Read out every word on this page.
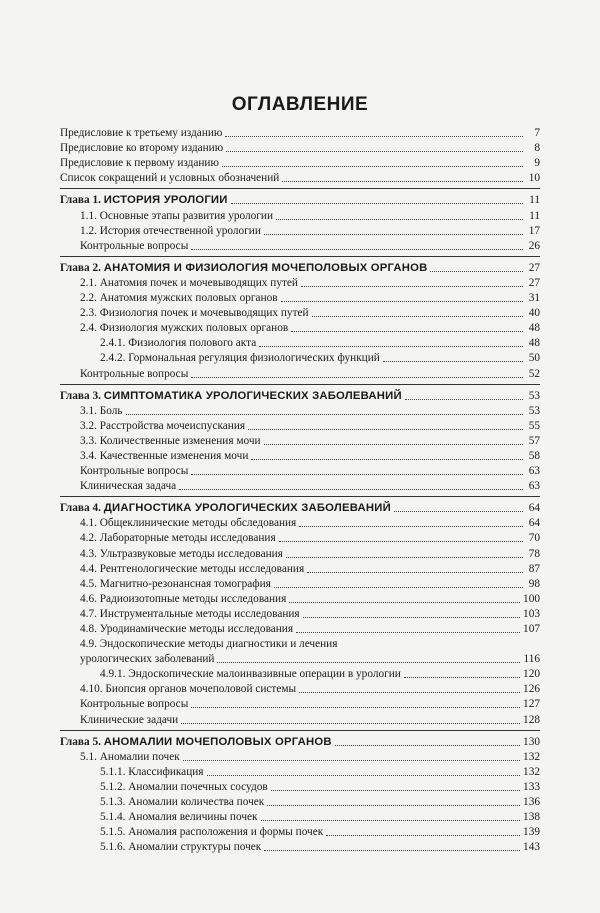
ОГЛАВЛЕНИЕ
Предисловие к третьему изданию	7
Предисловие ко второму изданию	8
Предисловие к первому изданию	9
Список сокращений и условных обозначений	10
Глава 1. ИСТОРИЯ УРОЛОГИИ	11
1.1. Основные этапы развития урологии	11
1.2. История отечественной урологии	17
Контрольные вопросы	26
Глава 2. АНАТОМИЯ И ФИЗИОЛОГИЯ МОЧЕПОЛОВЫХ ОРГАНОВ	27
2.1. Анатомия почек и мочевыводящих путей	27
2.2. Анатомия мужских половых органов	31
2.3. Физиология почек и мочевыводящих путей	40
2.4. Физиология мужских половых органов	48
2.4.1. Физиология полового акта	48
2.4.2. Гормональная регуляция физиологических функций	50
Контрольные вопросы	52
Глава 3. СИМПТОМАТИКА УРОЛОГИЧЕСКИХ ЗАБОЛЕВАНИЙ	53
3.1. Боль	53
3.2. Расстройства мочеиспускания	55
3.3. Количественные изменения мочи	57
3.4. Качественные изменения мочи	58
Контрольные вопросы	63
Клиническая задача	63
Глава 4. ДИАГНОСТИКА УРОЛОГИЧЕСКИХ ЗАБОЛЕВАНИЙ	64
4.1. Общеклинические методы обследования	64
4.2. Лабораторные методы исследования	70
4.3. Ультразвуковые методы исследования	78
4.4. Рентгенологические методы исследования	87
4.5. Магнитно-резонансная томография	98
4.6. Радиоизотопные методы исследования	100
4.7. Инструментальные методы исследования	103
4.8. Уродинамические методы исследования	107
4.9. Эндоскопические методы диагностики и лечения
урологических заболеваний	116
4.9.1. Эндоскопические малоинвазивные операции в урологии	120
4.10. Биопсия органов мочеполовой системы	126
Контрольные вопросы	127
Клинические задачи	128
Глава 5. АНОМАЛИИ МОЧЕПОЛОВЫХ ОРГАНОВ	130
5.1. Аномалии почек	132
5.1.1. Классификация	132
5.1.2. Аномалии почечных сосудов	133
5.1.3. Аномалии количества почек	136
5.1.4. Аномалия величины почек	138
5.1.5. Аномалия расположения и формы почек	139
5.1.6. Аномалии структуры почек	143
